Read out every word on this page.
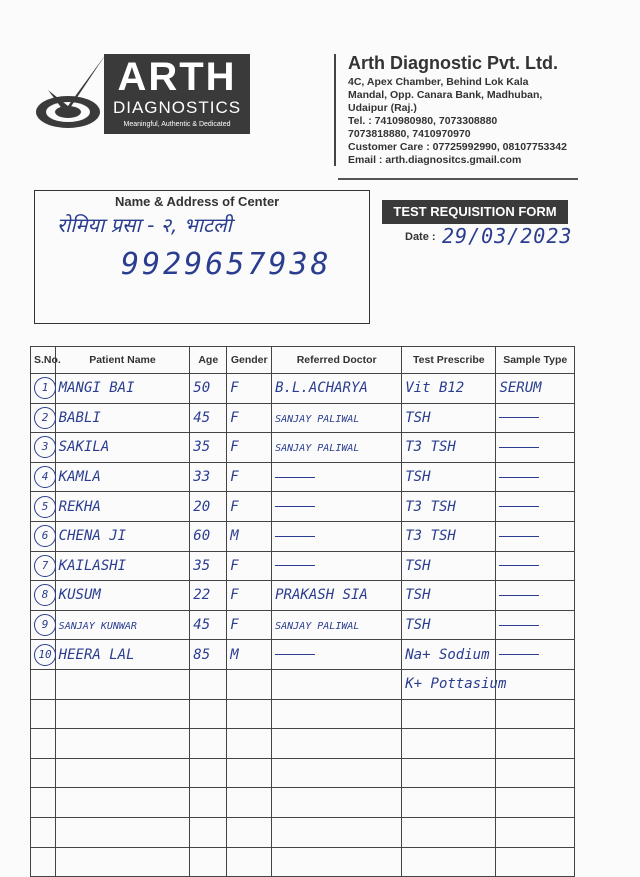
ARTH
DIAGNOSTICS
Meaningful, Authentic & Dedicated
Arth Diagnostic Pvt. Ltd.
4C, Apex Chamber, Behind Lok Kala
Mandal, Opp. Canara Bank, Madhuban,
Udaipur (Raj.)
Tel. : 7410980980, 7073308880
7073818880, 7410970970
Customer Care : 07725992990, 08107753342
Email : arth.diagnositcs.gmail.com
Name & Address of Center
रोमिया प्रसा - २, भाटली
9929657938
TEST REQUISITION FORM
Date : 29/03/2023
S.No.	Patient Name	Age	Gender	Referred Doctor	Test Prescribe	Sample Type
1	MANGI BAI	50	F	B.L.ACHARYA	Vit B12	SERUM
2	BABLI	45	F	SANJAY PALIWAL	TSH	
3	SAKILA	35	F	SANJAY PALIWAL	T3 TSH	
4	KAMLA	33	F		TSH	
5	REKHA	20	F		T3 TSH	
6	CHENA JI	60	M		T3 TSH	
7	KAILASHI	35	F		TSH	
8	KUSUM	22	F	PRAKASH SIA	TSH	
9	SANJAY KUNWAR	45	F	SANJAY PALIWAL	TSH	
10	HEERA LAL	85	M		Na+ Sodium	
					K+ Pottasium	
